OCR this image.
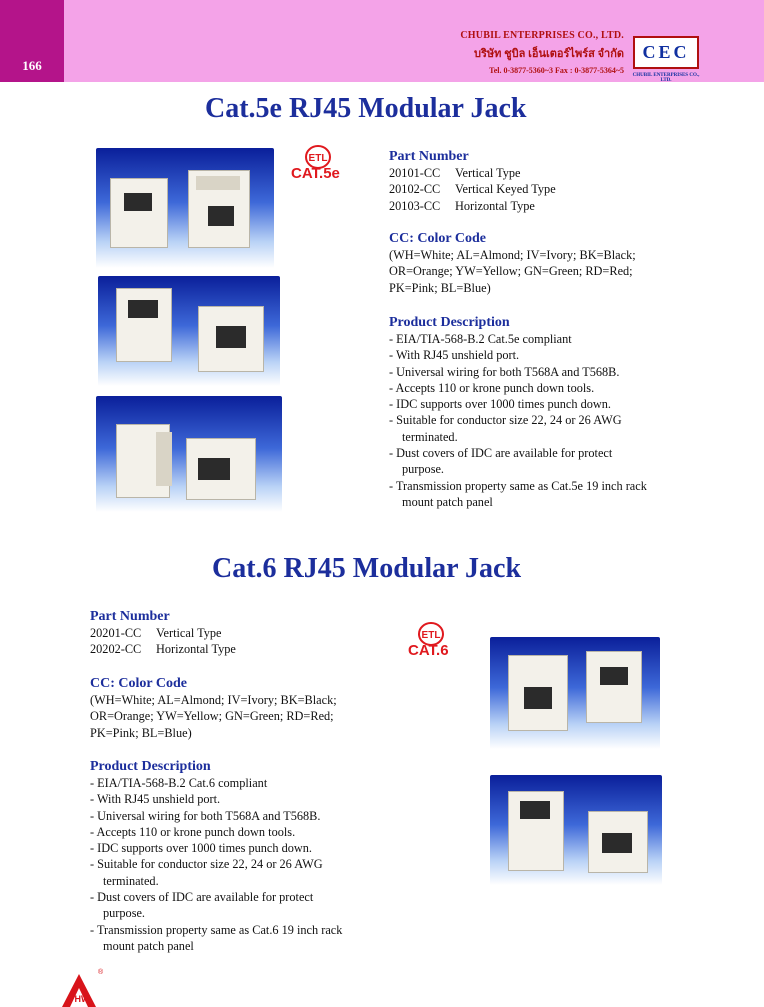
166
CHUBIL ENTERPRISES CO., LTD.
บริษัท ชูบิล เอ็นเตอร์ไพร์ส จำกัด
Tel. 0-3877-5360~3 Fax : 0-3877-5364~5
CEC
CHUBIL ENTERPRISES CO., LTD.
Cat.5e RJ45 Modular Jack
ETL
CAT.5e
Part Number
20101-CC	Vertical Type
20102-CC	Vertical Keyed Type
20103-CC	Horizontal Type
CC: Color Code
(WH=White; AL=Almond; IV=Ivory; BK=Black;
OR=Orange; YW=Yellow; GN=Green; RD=Red;
PK=Pink; BL=Blue)
Product Description
- EIA/TIA-568-B.2 Cat.5e compliant
- With RJ45 unshield port.
- Universal wiring for both T568A and T568B.
- Accepts 110 or krone punch down tools.
- IDC supports over 1000 times punch down.
- Suitable for conductor size 22, 24 or 26 AWG terminated.
- Dust covers of IDC are available for protect purpose.
- Transmission property same as Cat.5e 19 inch rack mount patch panel
Cat.6 RJ45 Modular Jack
Part Number
20201-CC	Vertical Type
20202-CC	Horizontal Type
CC: Color Code
(WH=White; AL=Almond; IV=Ivory; BK=Black;
OR=Orange; YW=Yellow; GN=Green; RD=Red;
PK=Pink; BL=Blue)
Product Description
- EIA/TIA-568-B.2 Cat.6 compliant
- With RJ45 unshield port.
- Universal wiring for both T568A and T568B.
- Accepts 110 or krone punch down tools.
- IDC supports over 1000 times punch down.
- Suitable for conductor size 22, 24 or 26 AWG terminated.
- Dust covers of IDC are available for protect purpose.
- Transmission property same as Cat.6 19 inch rack mount patch panel
ETL
CAT.6
®
HW
